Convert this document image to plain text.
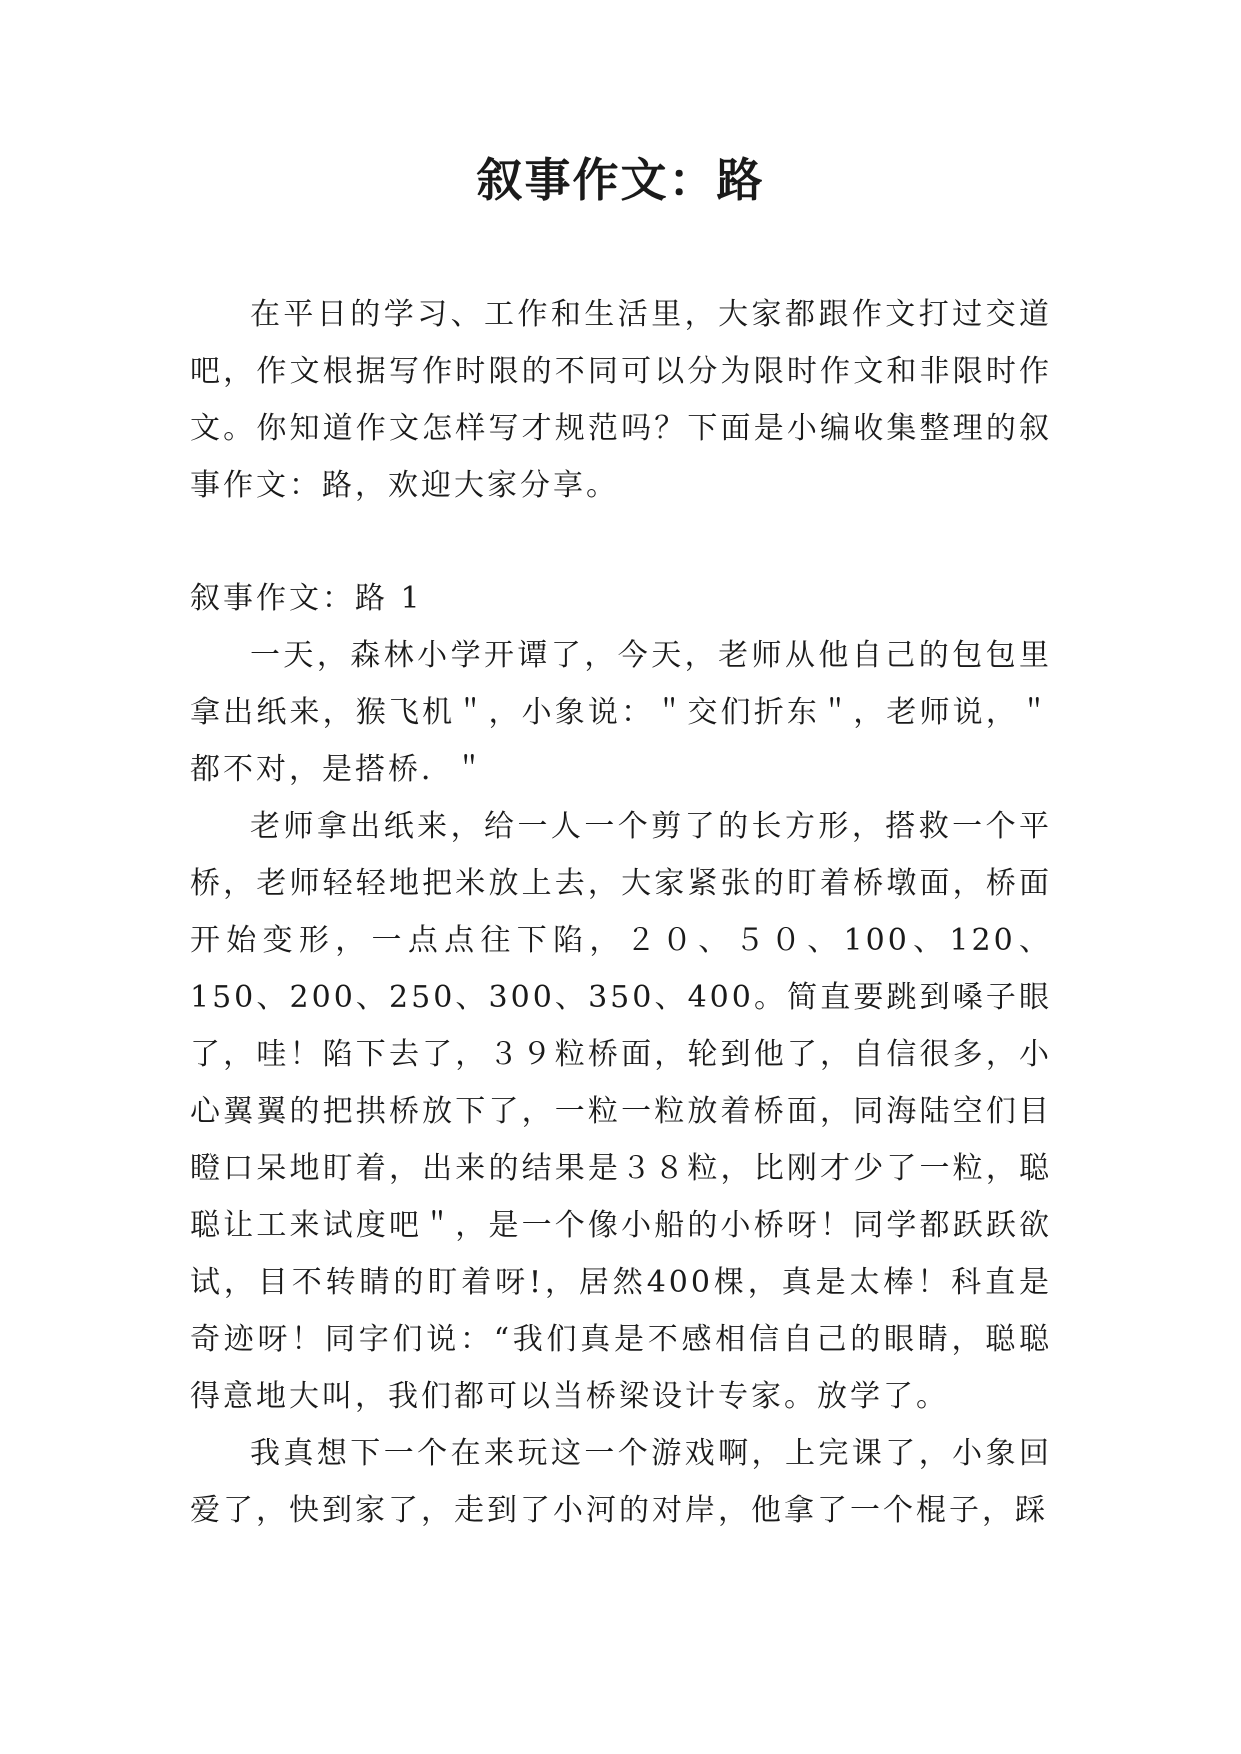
叙事作文：路

在平日的学习、工作和生活里，大家都跟作文打过交道吧，作文根据写作时限的不同可以分为限时作文和非限时作文。你知道作文怎样写才规范吗？下面是小编收集整理的叙事作文：路，欢迎大家分享。

叙事作文：路 1

一天，森林小学开谭了，今天，老师从他自己的包包里拿出纸来，猴飞机＂，小象说：＂交们折东＂，老师说，＂都不对，是搭桥．＂

老师拿出纸来，给一人一个剪了的长方形，搭救一个平桥，老师轻轻地把米放上去，大家紧张的盯着桥墩面，桥面开始变形，一点点往下陷，２０、５０、100、120、150、200、250、300、350、400。简直要跳到嗓子眼了，哇！陷下去了，３９粒桥面，轮到他了，自信很多，小心翼翼的把拱桥放下了，一粒一粒放着桥面，同海陆空们目瞪口呆地盯着，出来的结果是３８粒，比刚才少了一粒，聪聪让工来试度吧＂，是一个像小船的小桥呀！同学都跃跃欲试，目不转睛的盯着呀!，居然400棵，真是太棒！科直是奇迹呀！同字们说：“我们真是不感相信自己的眼睛，聪聪得意地大叫，我们都可以当桥梁设计专家。放学了。

我真想下一个在来玩这一个游戏啊，上完课了，小象回爱了，快到家了，走到了小河的对岸，他拿了一个棍子，踩
